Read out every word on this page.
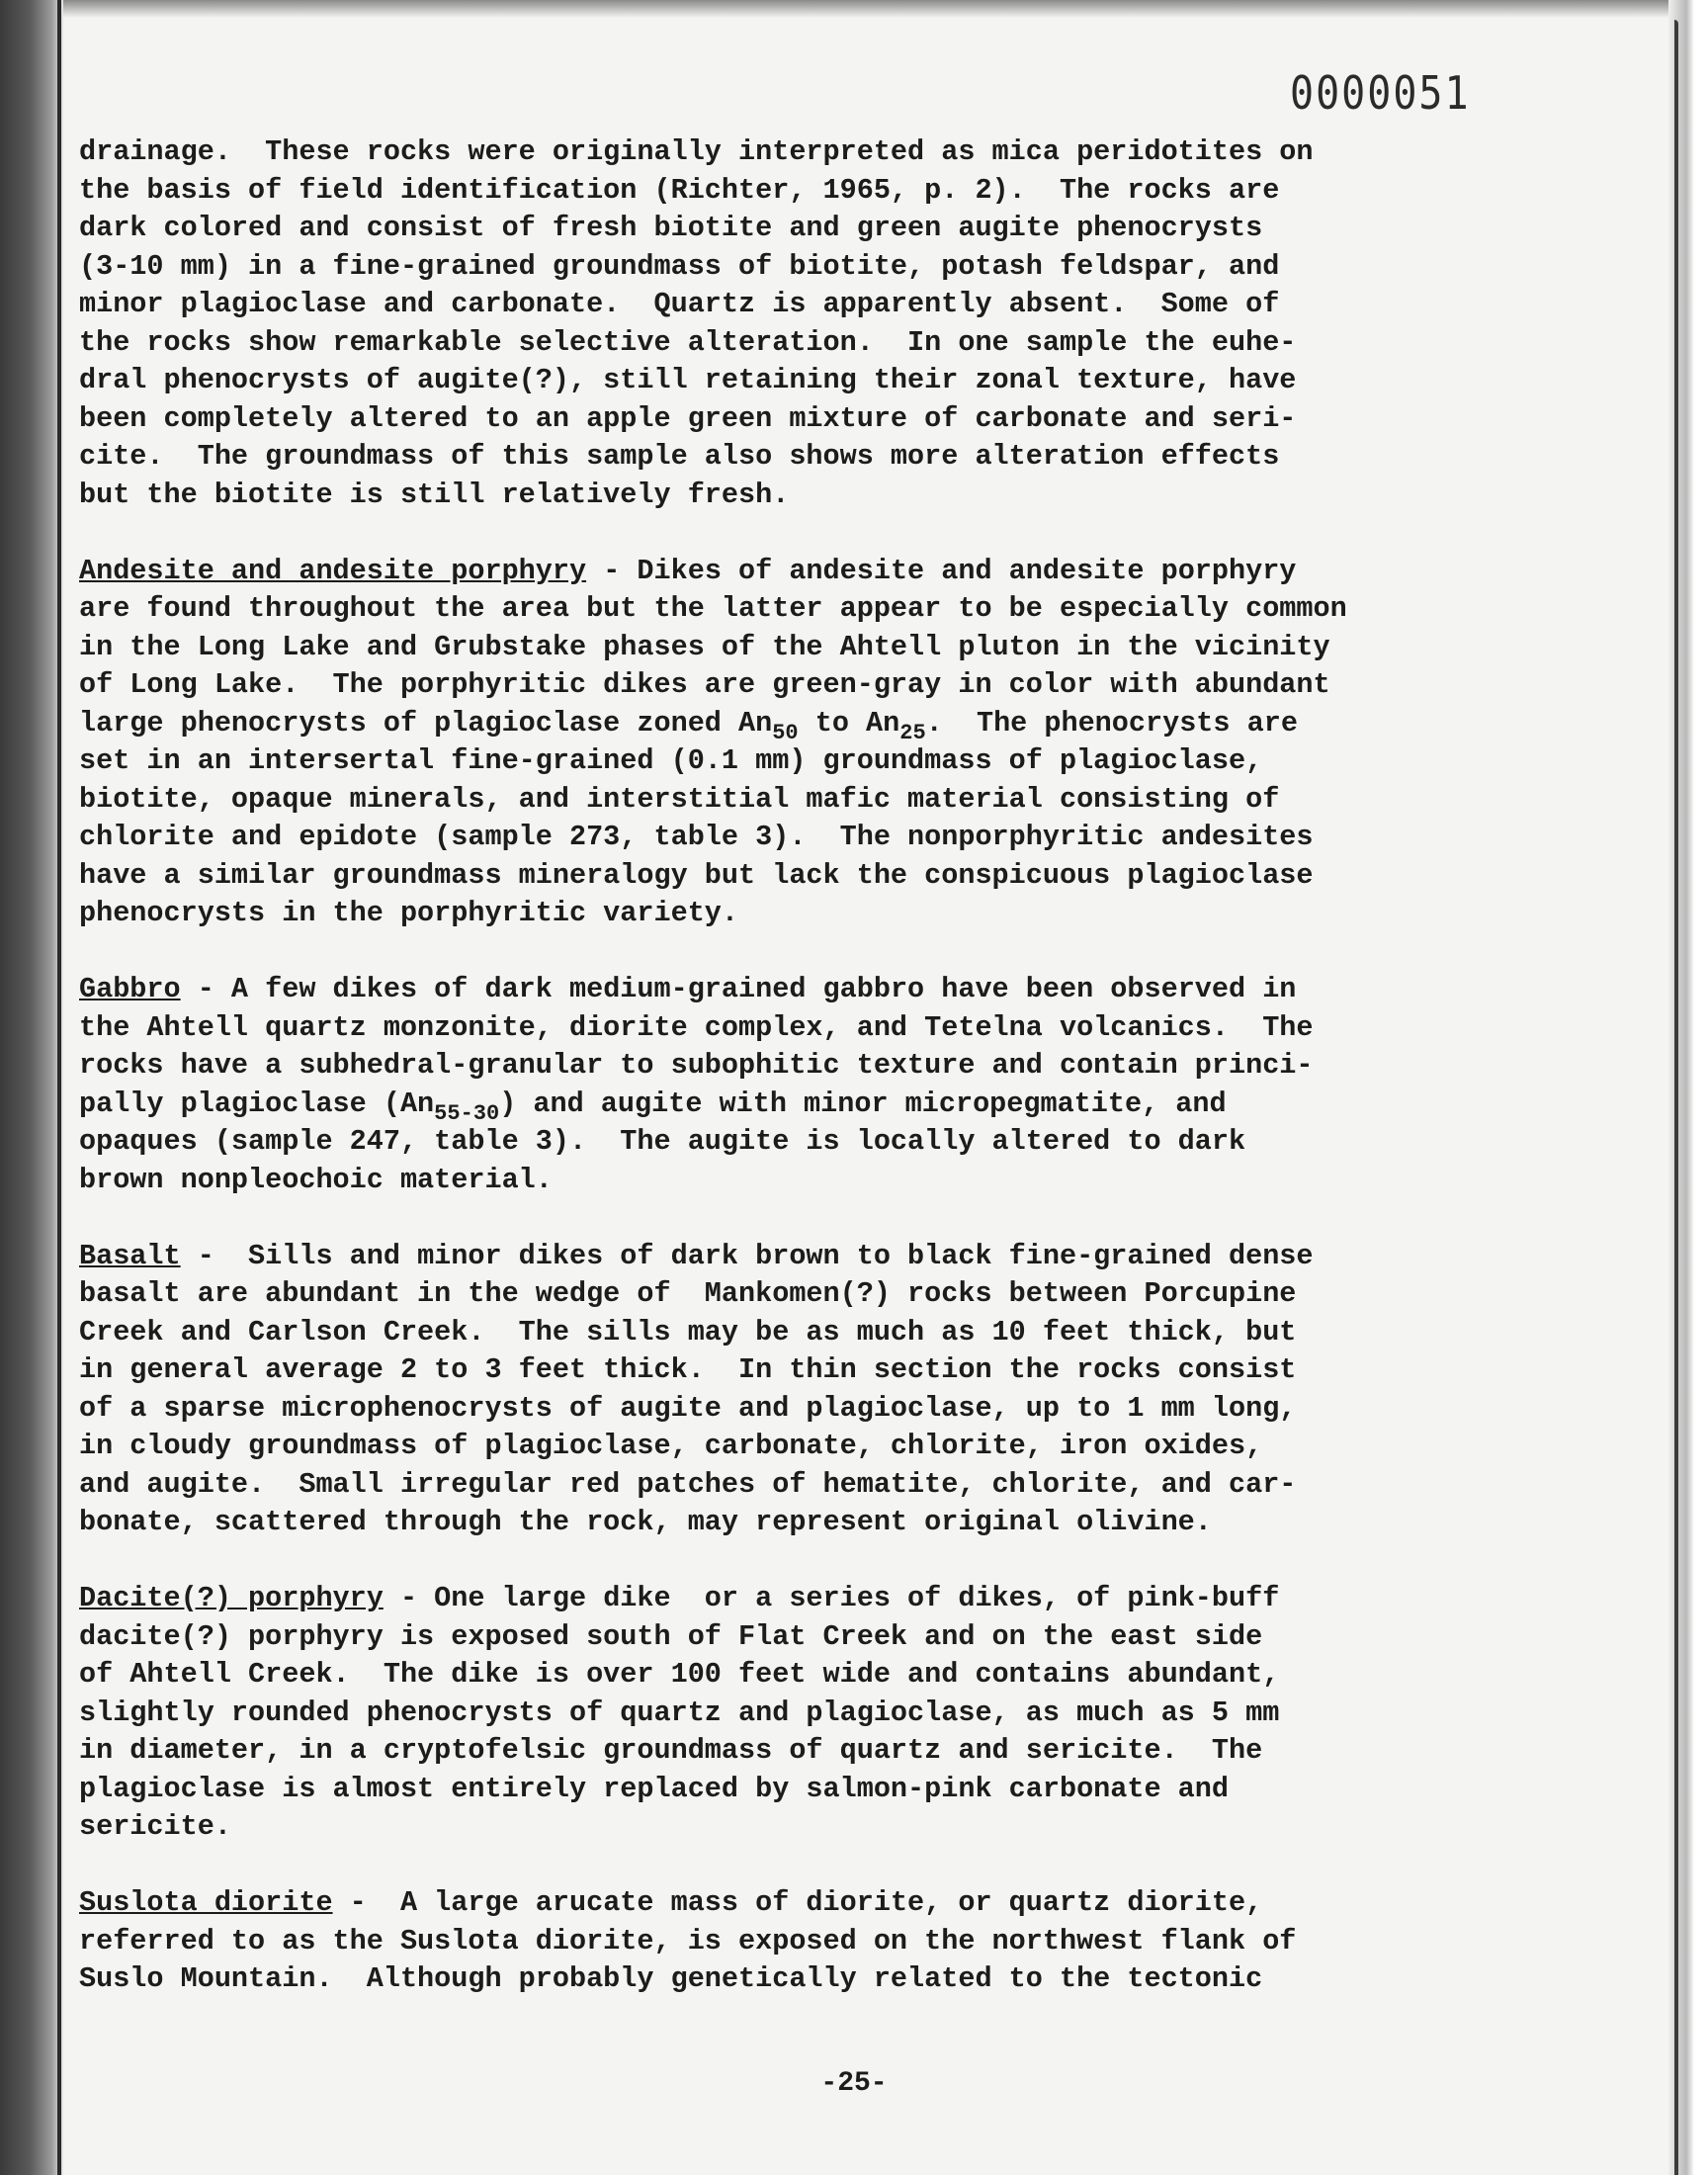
0000051
drainage.  These rocks were originally interpreted as mica peridotites on
the basis of field identification (Richter, 1965, p. 2).  The rocks are
dark colored and consist of fresh biotite and green augite phenocrysts
(3-10 mm) in a fine-grained groundmass of biotite, potash feldspar, and
minor plagioclase and carbonate.  Quartz is apparently absent.  Some of
the rocks show remarkable selective alteration.  In one sample the euhe-
dral phenocrysts of augite(?), still retaining their zonal texture, have
been completely altered to an apple green mixture of carbonate and seri-
cite.  The groundmass of this sample also shows more alteration effects
but the biotite is still relatively fresh.
Andesite and andesite porphyry - Dikes of andesite and andesite porphyry
are found throughout the area but the latter appear to be especially common
in the Long Lake and Grubstake phases of the Ahtell pluton in the vicinity
of Long Lake.  The porphyritic dikes are green-gray in color with abundant
large phenocrysts of plagioclase zoned $An_{50}$ to $An_{25}$.  The phenocrysts are
set in an intersertal fine-grained (0.1 mm) groundmass of plagioclase,
biotite, opaque minerals, and interstitial mafic material consisting of
chlorite and epidote (sample 273, table 3).  The nonporphyritic andesites
have a similar groundmass mineralogy but lack the conspicuous plagioclase
phenocrysts in the porphyritic variety.
Gabbro - A few dikes of dark medium-grained gabbro have been observed in
the Ahtell quartz monzonite, diorite complex, and Tetelna volcanics.  The
rocks have a subhedral-granular to subophitic texture and contain princi-
pally plagioclase $(An_{55-30})$ and augite with minor micropegmatite, and
opaques (sample 247, table 3).  The augite is locally altered to dark
brown nonpleochoic material.
Basalt -  Sills and minor dikes of dark brown to black fine-grained dense
basalt are abundant in the wedge of  Mankomen(?) rocks between Porcupine
Creek and Carlson Creek.  The sills may be as much as 10 feet thick, but
in general average 2 to 3 feet thick.  In thin section the rocks consist
of a sparse microphenocrysts of augite and plagioclase, up to 1 mm long,
in cloudy groundmass of plagioclase, carbonate, chlorite, iron oxides,
and augite.  Small irregular red patches of hematite, chlorite, and car-
bonate, scattered through the rock, may represent original olivine.
Dacite(?) porphyry - One large dike  or a series of dikes, of pink-buff
dacite(?) porphyry is exposed south of Flat Creek and on the east side
of Ahtell Creek.  The dike is over 100 feet wide and contains abundant,
slightly rounded phenocrysts of quartz and plagioclase, as much as 5 mm
in diameter, in a cryptofelsic groundmass of quartz and sericite.  The
plagioclase is almost entirely replaced by salmon-pink carbonate and
sericite.
Suslota diorite -  A large arucate mass of diorite, or quartz diorite,
referred to as the Suslota diorite, is exposed on the northwest flank of
Suslo Mountain.  Although probably genetically related to the tectonic
-25-
